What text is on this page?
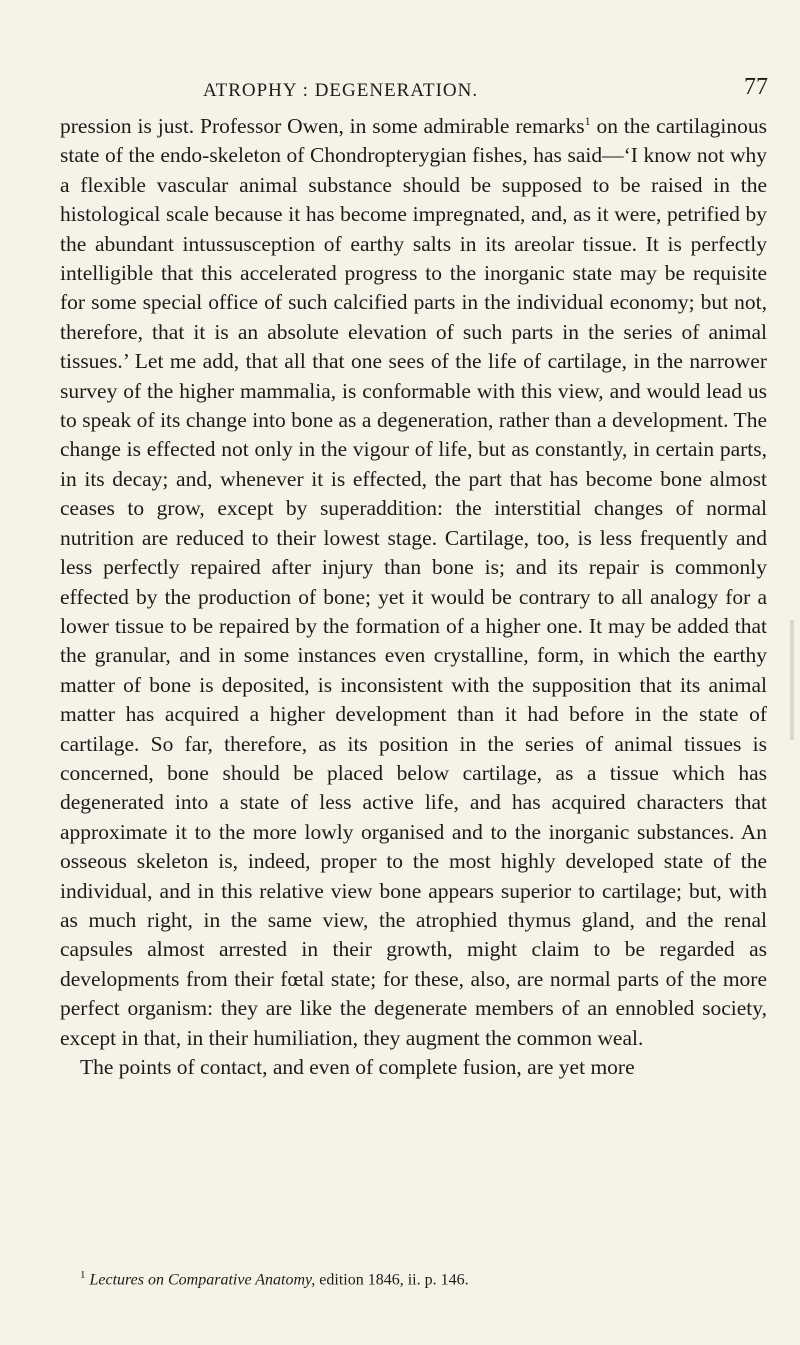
ATROPHY : DEGENERATION.	77

pression is just. Professor Owen, in some admirable remarks$^1$ on the cartilaginous state of the endo-skeleton of Chondropterygian fishes, has said—‘I know not why a flexible vascular animal substance should be supposed to be raised in the histological scale because it has become impregnated, and, as it were, petrified by the abundant intussusception of earthy salts in its areolar tissue. It is perfectly intelligible that this accelerated progress to the inorganic state may be requisite for some special office of such calcified parts in the individual economy; but not, therefore, that it is an absolute elevation of such parts in the series of animal tissues.’ Let me add, that all that one sees of the life of cartilage, in the narrower survey of the higher mammalia, is conformable with this view, and would lead us to speak of its change into bone as a degeneration, rather than a development. The change is effected not only in the vigour of life, but as constantly, in certain parts, in its decay; and, whenever it is effected, the part that has become bone almost ceases to grow, except by superaddition: the interstitial changes of normal nutrition are reduced to their lowest stage. Cartilage, too, is less frequently and less perfectly repaired after injury than bone is; and its repair is commonly effected by the production of bone; yet it would be contrary to all analogy for a lower tissue to be repaired by the formation of a higher one. It may be added that the granular, and in some instances even crystalline, form, in which the earthy matter of bone is deposited, is inconsistent with the supposition that its animal matter has acquired a higher development than it had before in the state of cartilage. So far, therefore, as its position in the series of animal tissues is concerned, bone should be placed below cartilage, as a tissue which has degenerated into a state of less active life, and has acquired characters that approximate it to the more lowly organised and to the inorganic substances. An osseous skeleton is, indeed, proper to the most highly developed state of the individual, and in this relative view bone appears superior to cartilage; but, with as much right, in the same view, the atrophied thymus gland, and the renal capsules almost arrested in their growth, might claim to be regarded as developments from their fœtal state; for these, also, are normal parts of the more perfect organism: they are like the degenerate members of an ennobled society, except in that, in their humiliation, they augment the common weal.

The points of contact, and even of complete fusion, are yet more

$^1$ Lectures on Comparative Anatomy, edition 1846, ii. p. 146.
